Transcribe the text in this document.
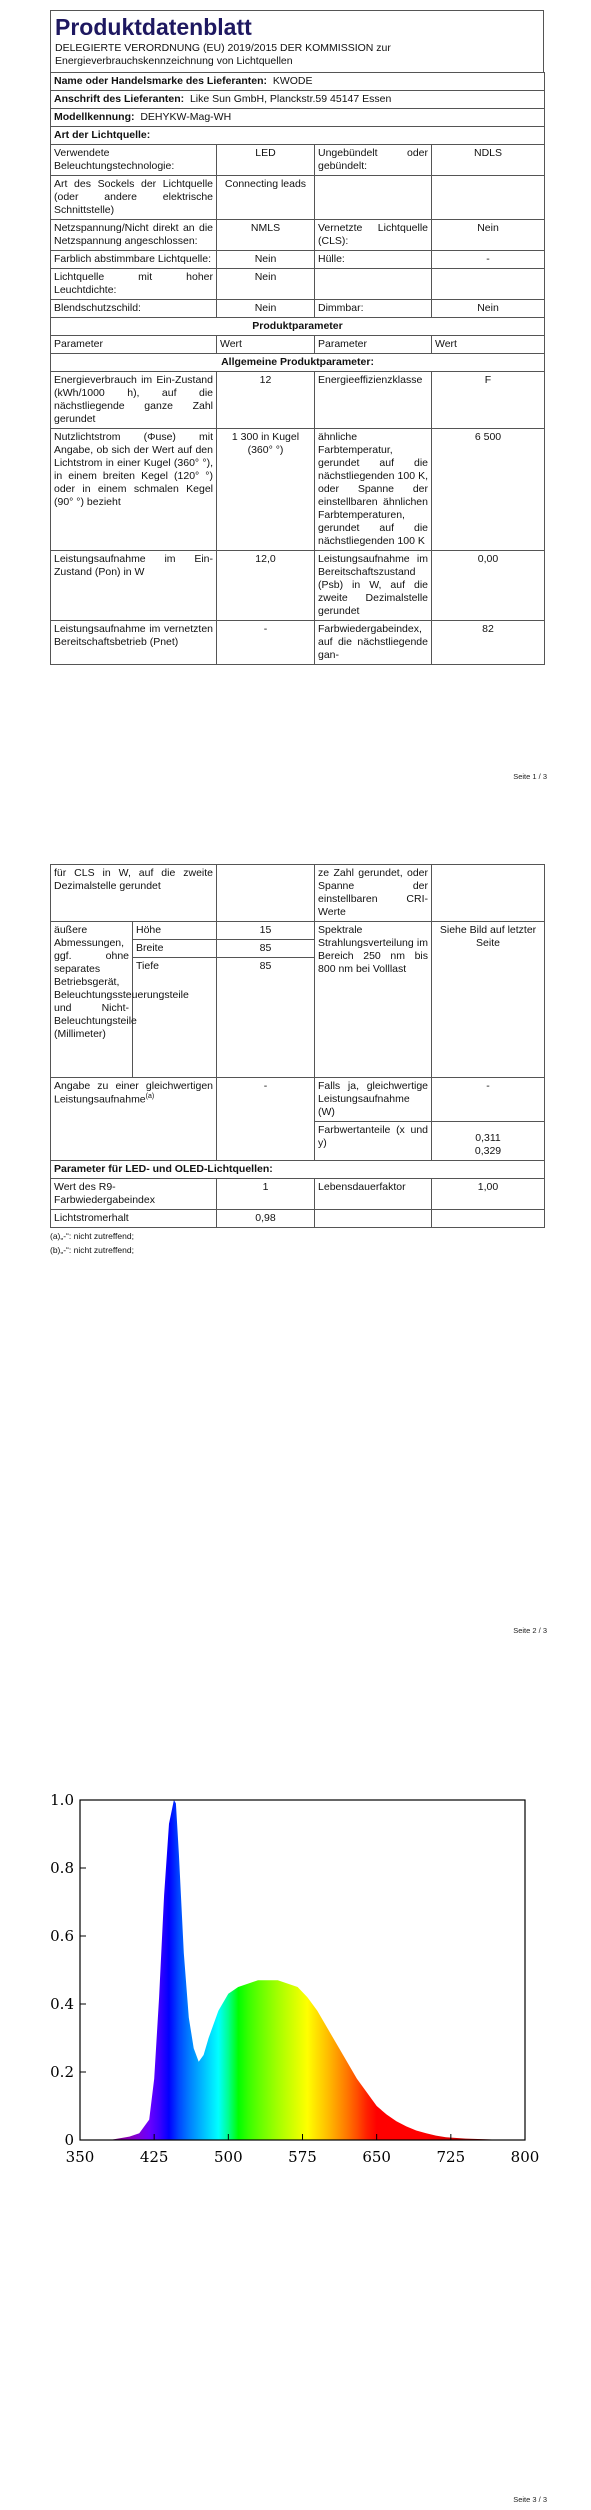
Produktdatenblatt
DELEGIERTE VERORDNUNG (EU) 2019/2015 DER KOMMISSION zur Energieverbrauchskennzeichnung von Lichtquellen
Name oder Handelsmarke des Lieferanten: KWODE			
Anschrift des Lieferanten: Like Sun GmbH, Planckstr.59 45147 Essen			
Modellkennung: DEHYKW-Mag-WH			
Art der Lichtquelle:			
Verwendete Beleuchtungstechnologie:	LED	Ungebündelt oder gebündelt:	NDLS
Art des Sockels der Lichtquelle (oder andere elektrische Schnittstelle)	Connecting leads		
Netzspannung/Nicht direkt an die Netzspannung angeschlossen:	NMLS	Vernetzte Lichtquelle (CLS):	Nein
Farblich abstimmbare Lichtquelle:	Nein	Hülle:	-
Lichtquelle mit hoher Leuchtdichte:	Nein		
Blendschutzschild:	Nein	Dimmbar:	Nein
Produktparameter			
Parameter	Wert	Parameter	Wert
Allgemeine Produktparameter:			
Energieverbrauch im Ein-Zustand (kWh/1000 h), auf die nächstliegende ganze Zahl gerundet	12	Energieeffizienzklasse	F
Nutzlichtstrom (Φuse) mit Angabe, ob sich der Wert auf den Lichtstrom in einer Kugel (360° °), in einem breiten Kegel (120° °) oder in einem schmalen Kegel (90° °) bezieht	1 300 in Kugel (360° °)	ähnliche Farbtemperatur, gerundet auf die nächstliegenden 100 K, oder Spanne der einstellbaren ähnlichen Farbtemperaturen, gerundet auf die nächstliegenden 100 K	6 500
Leistungsaufnahme im Ein-Zustand (Pon) in W	12,0	Leistungsaufnahme im Bereitschaftszustand (Psb) in W, auf die zweite Dezimalstelle gerundet	0,00
Leistungsaufnahme im vernetzten Bereitschaftsbetrieb (Pnet)	-	Farbwiedergabeindex, auf die nächstliegende gan-	82
Seite 1 / 3
für CLS in W, auf die zweite Dezimalstelle gerundet			ze Zahl gerundet, oder Spanne der einstellbaren CRI-Werte	
äußere Abmessungen, ggf. ohne separates Betriebsgerät, Beleuchtungssteuerungsteile und Nicht-Beleuchtungsteile (Millimeter)	Höhe	15	Spektrale Strahlungsverteilung im Bereich 250 nm bis 800 nm bei Volllast	Siehe Bild auf letzter Seite
	Breite	85		
	Tiefe	85		
Angabe zu einer gleichwertigen Leistungsaufnahme$^{(a)}$		-	Falls ja, gleichwertige Leistungsaufnahme (W)	-
			Farbwertanteile (x und y)	0,311
0,329

Parameter für LED- und OLED-Lichtquellen:				
Wert des R9-Farbwiedergabeindex		1	Lebensdauerfaktor	1,00
Lichtstromerhalt		0,98		
(a)„-“: nicht zutreffend;
(b)„-“: nicht zutreffend;
Seite 2 / 3
0
0.2
0.4
0.6
0.8
1.0
350	425	500	575	650	725	800
Seite 3 / 3
